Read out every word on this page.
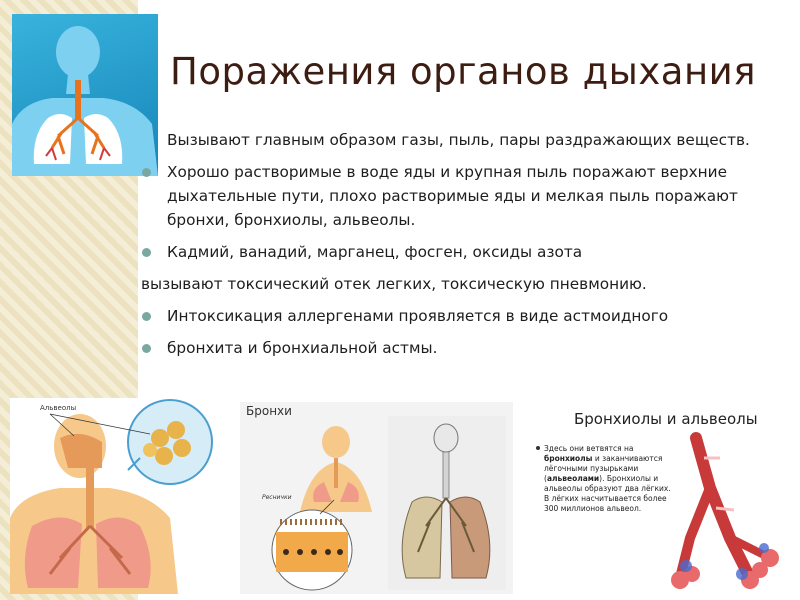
Поражения органов дыхания
Вызывают главным образом газы, пыль, пары раздражающих веществ.
Хорошо растворимые в воде яды и крупная пыль поражают верхние
дыхательные пути, плохо растворимые яды и мелкая пыль поражают
бронхи, бронхиолы, альвеолы.
Кадмий, ванадий, марганец, фосген, оксиды азота
вызывают токсический отек легких, токсическую пневмонию.
Интоксикация аллергенами проявляется в виде астмоидного
бронхита и бронхиальной астмы.
Альвеолы	Бронхи
Реснички
Бронхиолы и альвеолы
Здесь они ветвятся на бронхиолы и заканчиваются лёгочными пузырьками (альвеолами). Бронхиолы и альвеолы образуют два лёгких. В лёгких насчитывается более 300 миллионов альвеол.
